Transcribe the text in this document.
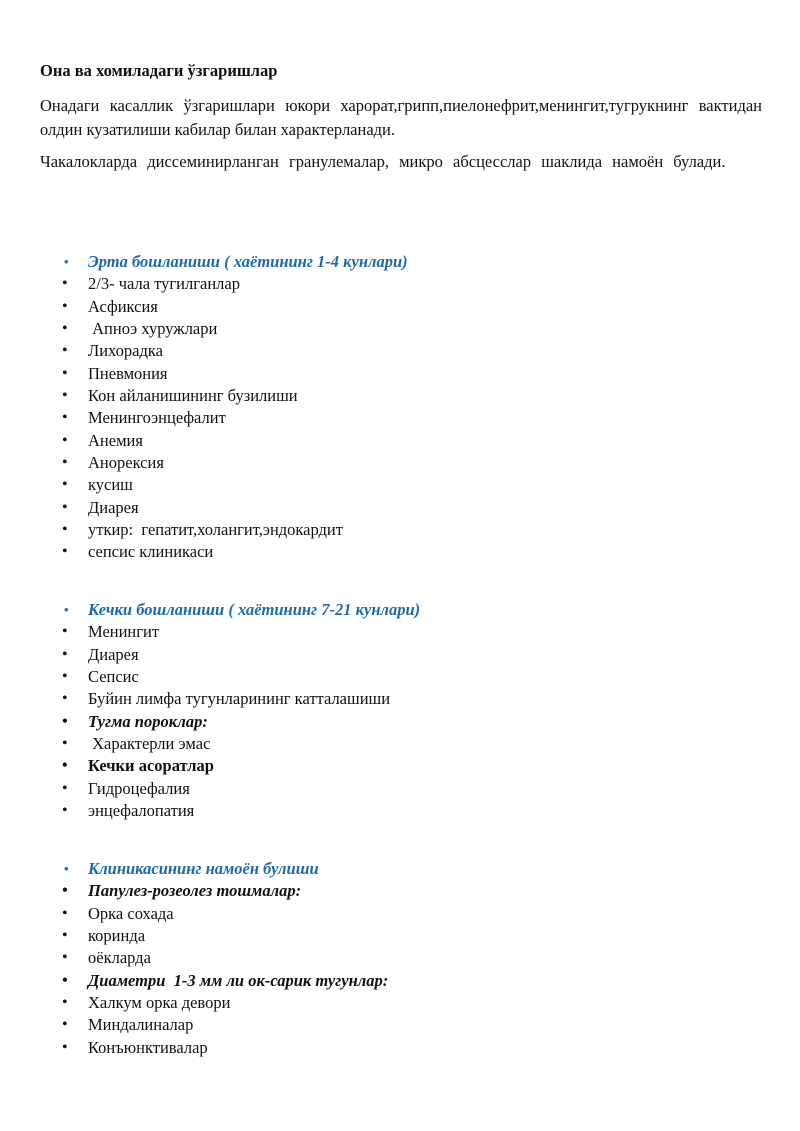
Она ва хомиладаги ўзгаришлар

Онадаги касаллик ўзгаришлари юкори харорат,грипп,пиелонефрит,менингит,тугрукнинг вактидан олдин кузатилиши кабилар билан характерланади.

Чакалокларда диссеминирланган гранулемалар, микро абсцесслар шаклида намоён булади.

• Эрта бошланиши ( хаётининг 1-4 кунлари)
• 2/3- чала тугилганлар
• Асфиксия
•  Апноэ хуружлари
• Лихорадка
• Пневмония
• Кон айланишининг бузилиши
• Менингоэнцефалит
• Анемия
• Анорексия
• кусиш
• Диарея
• уткир:  гепатит,холангит,эндокардит
• сепсис клиникаси
• Кечки бошланиши ( хаётининг 7-21 кунлари)
• Менингит
• Диарея
• Сепсис
• Буйин лимфа тугунларининг катталашиши
• Тугма пороклар:
•  Характерли эмас
• Кечки асоратлар
• Гидроцефалия
• энцефалопатия
• Клиникасининг намоён булиши
• Папулез-розеолез тошмалар:
• Орка сохада
• коринда
• оёкларда
• Диаметри  1-3 мм ли ок-сарик тугунлар:
• Халкум орка девори
• Миндалиналар
• Конъюнктивалар
